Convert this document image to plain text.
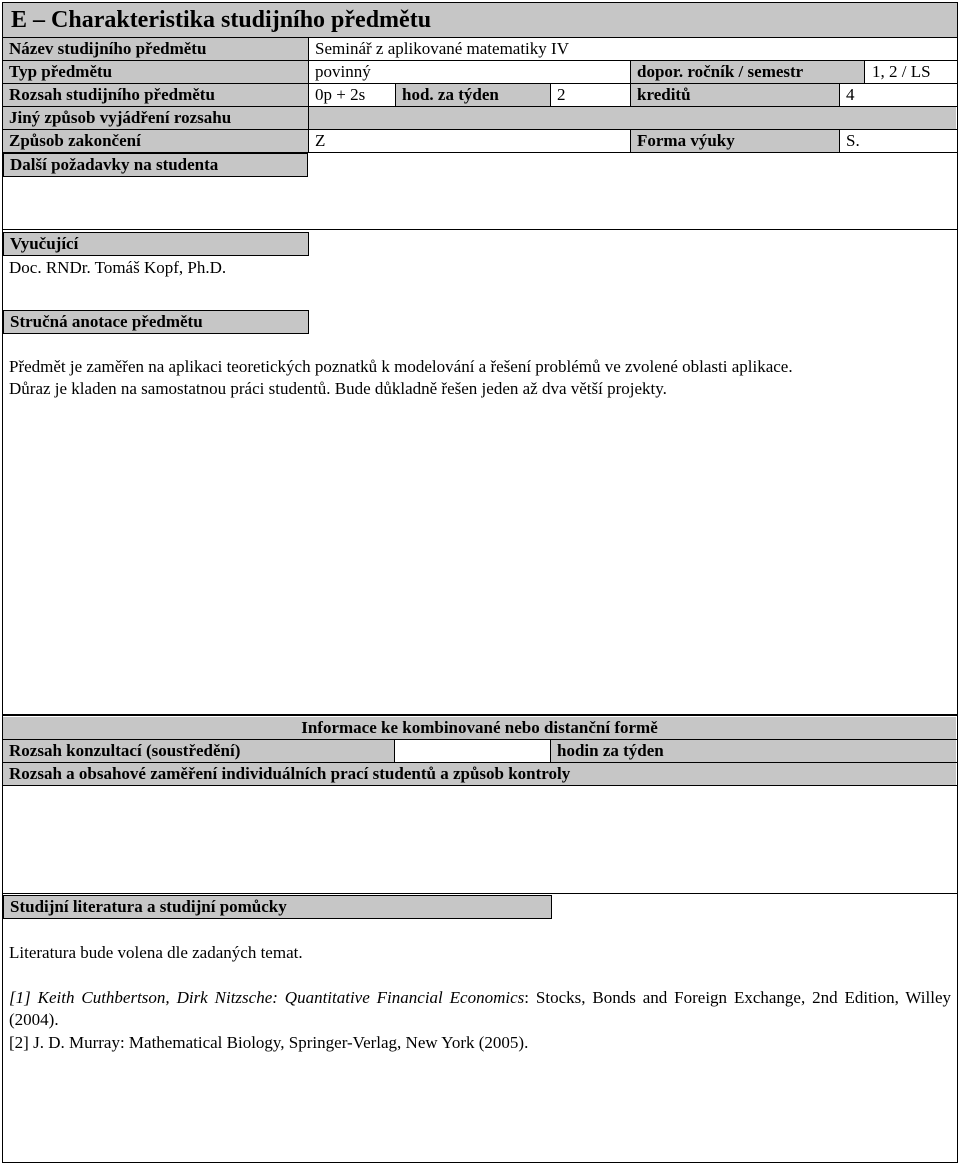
E – Charakteristika studijního předmětu
Název studijního předmětu	Seminář z aplikované matematiky IV
Typ předmětu	povinný	dopor. ročník / semestr	1, 2 / LS
Rozsah studijního předmětu	0p + 2s	hod. za týden	2	kreditů	4
Jiný způsob vyjádření rozsahu
Způsob zakončení	Z	Forma výuky	S.
Další požadavky na studenta
Vyučující
Doc. RNDr. Tomáš Kopf, Ph.D.
Stručná anotace předmětu
Předmět je zaměřen na aplikaci teoretických poznatků k modelování a řešení problémů ve zvolené oblasti aplikace.
Důraz je kladen na samostatnou práci studentů. Bude důkladně řešen jeden až dva větší projekty.
Informace ke kombinované nebo distanční formě
Rozsah konzultací (soustředění)	hodin za týden
Rozsah a obsahové zaměření individuálních prací studentů a způsob kontroly
Studijní literatura a studijní pomůcky
Literatura bude volena dle zadaných temat.
[1] Keith Cuthbertson, Dirk Nitzsche: Quantitative Financial Economics: Stocks, Bonds and Foreign Exchange, 2nd Edition, Willey (2004).
[2] J. D. Murray: Mathematical Biology, Springer-Verlag, New York (2005).
